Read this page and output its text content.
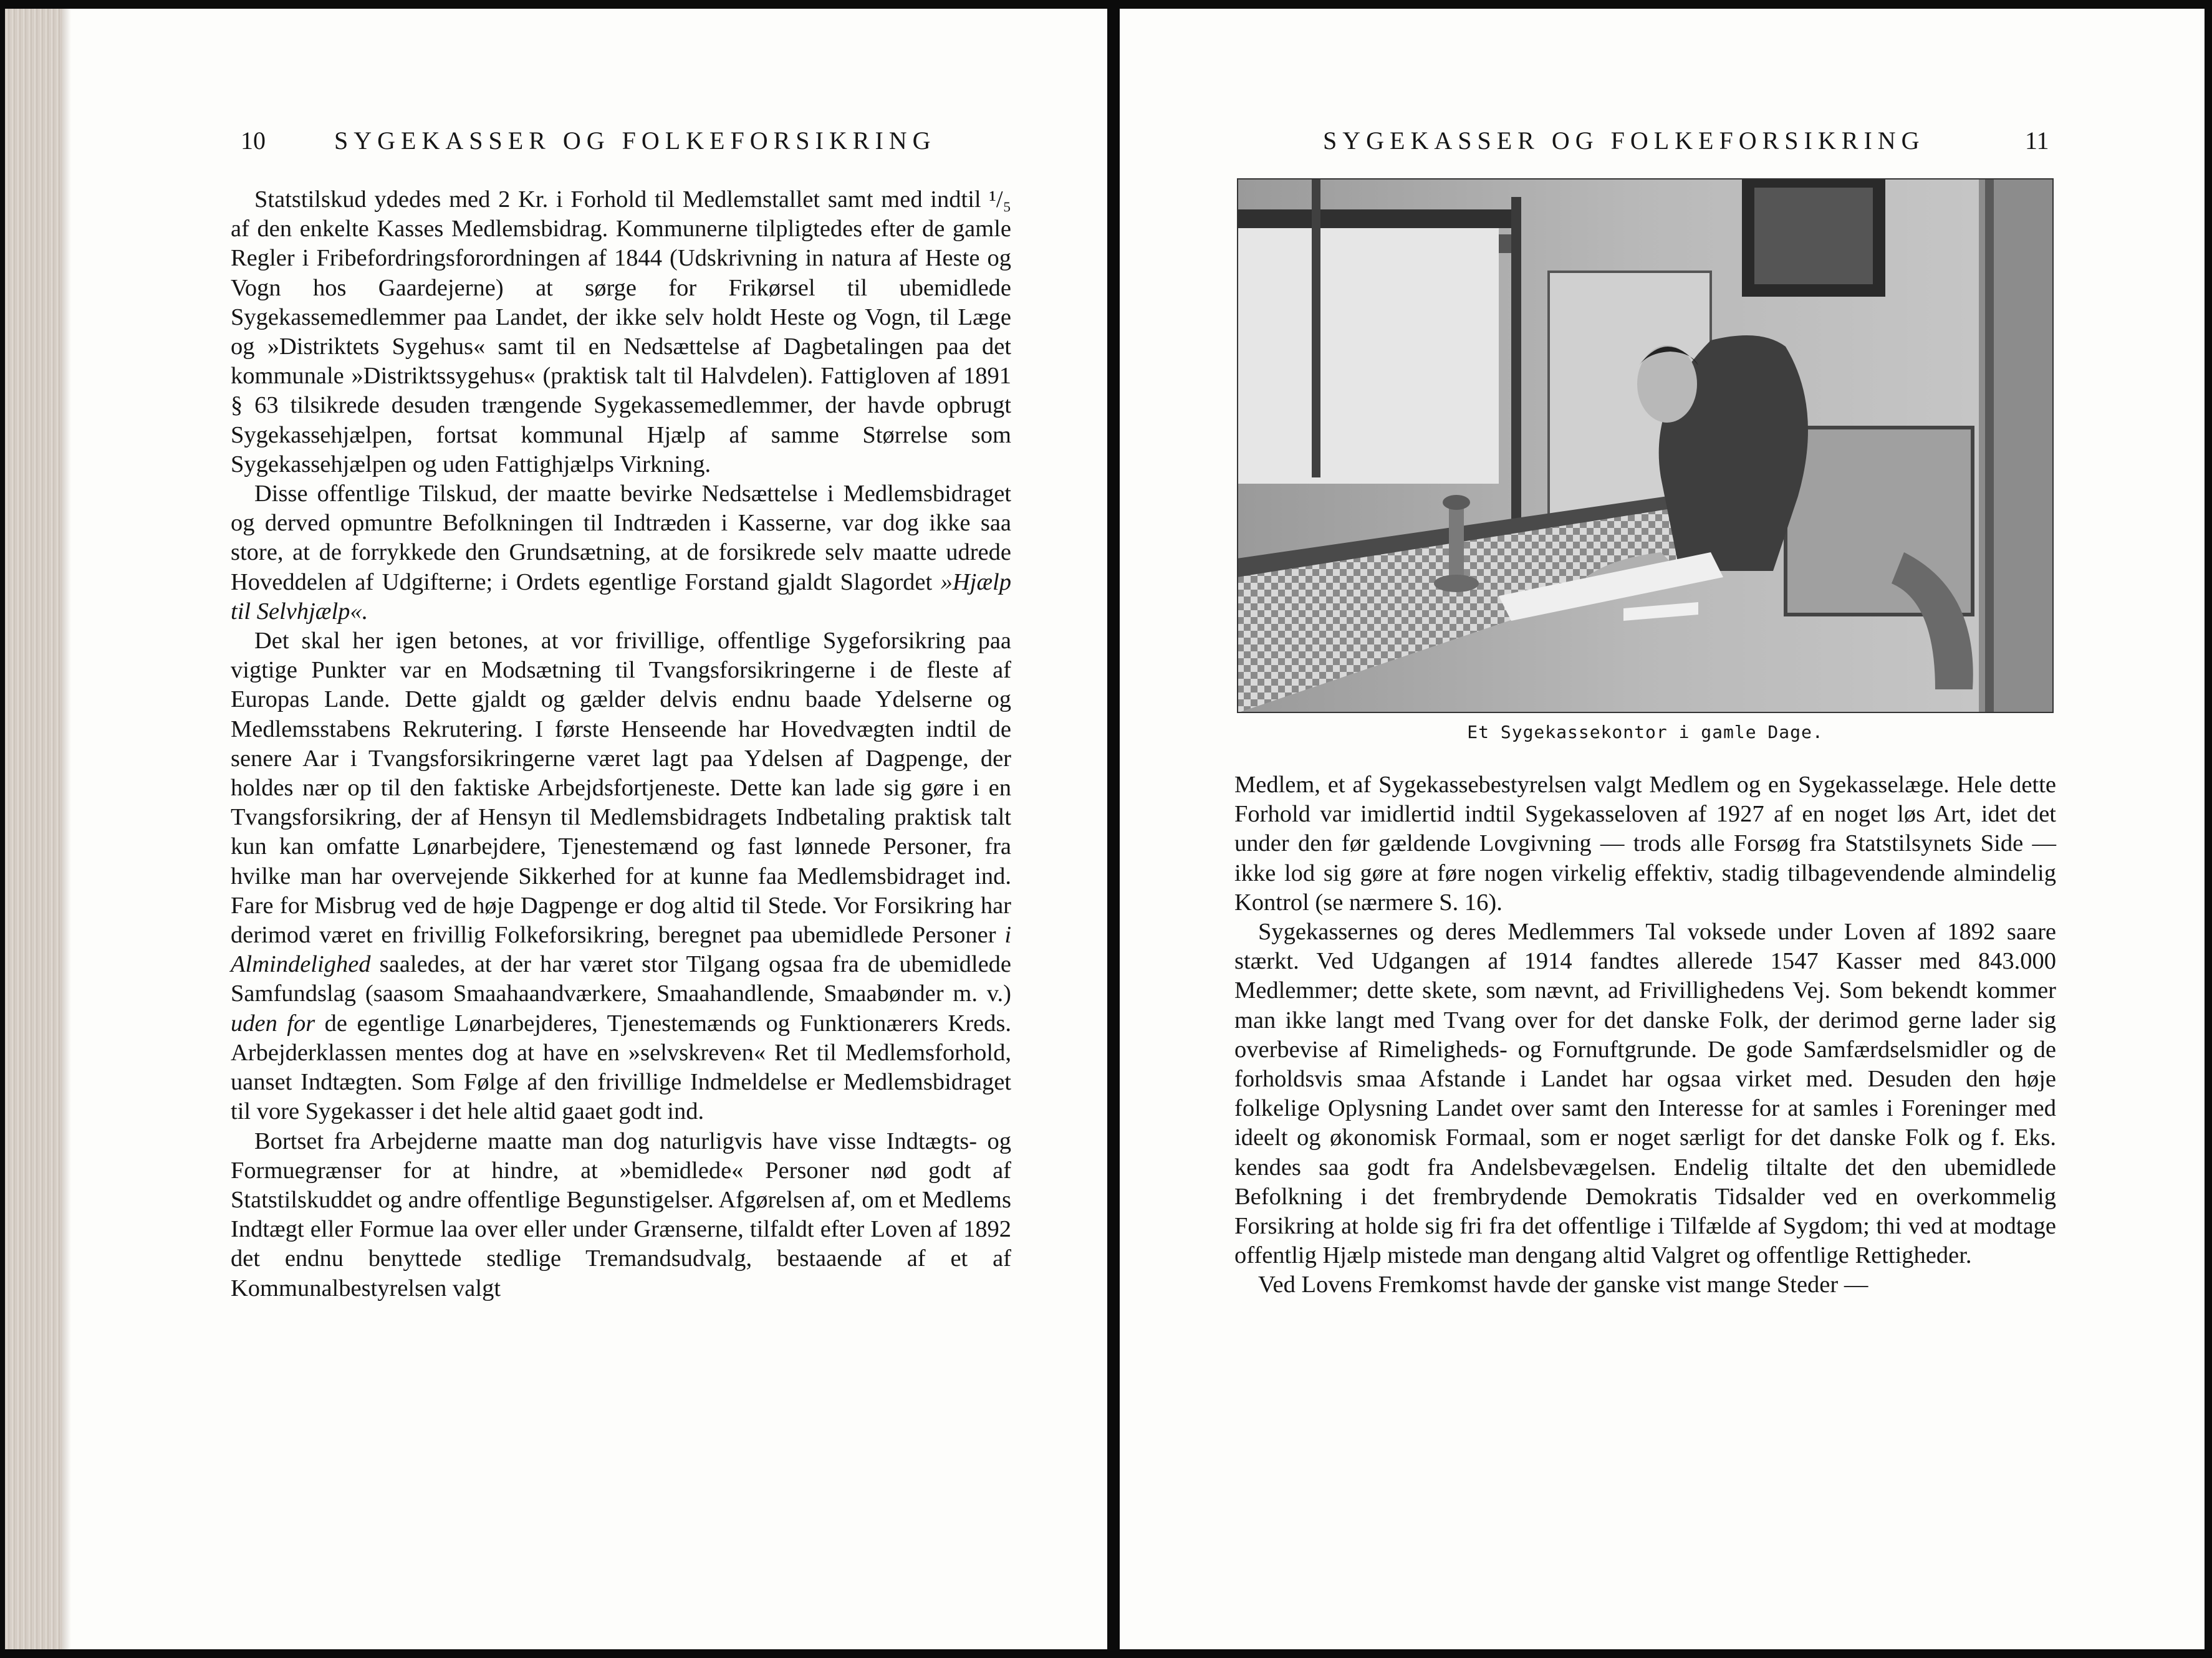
10	SYGEKASSER OG FOLKEFORSIKRING

Statstilskud ydedes med 2 Kr. i Forhold til Medlemstallet samt med indtil ¹/₅ af den enkelte Kasses Medlemsbidrag. Kommunerne tilpligtedes efter de gamle Regler i Fribefordringsforordningen af 1844 (Udskrivning in natura af Heste og Vogn hos Gaardejerne) at sørge for Frikørsel til ubemidlede Sygekassemedlemmer paa Landet, der ikke selv holdt Heste og Vogn, til Læge og »Distriktets Sygehus« samt til en Nedsættelse af Dagbetalingen paa det kommunale »Distriktssygehus« (praktisk talt til Halvdelen). Fattigloven af 1891 § 63 tilsikrede desuden trængende Sygekassemedlemmer, der havde opbrugt Sygekassehjælpen, fortsat kommunal Hjælp af samme Størrelse som Sygekassehjælpen og uden Fattighjælps Virkning.

Disse offentlige Tilskud, der maatte bevirke Nedsættelse i Medlemsbidraget og derved opmuntre Befolkningen til Indtræden i Kasserne, var dog ikke saa store, at de forrykkede den Grundsætning, at de forsikrede selv maatte udrede Hoveddelen af Udgifterne; i Ordets egentlige Forstand gjaldt Slagordet »Hjælp til Selvhjælp«.

Det skal her igen betones, at vor frivillige, offentlige Sygeforsikring paa vigtige Punkter var en Modsætning til Tvangsforsikringerne i de fleste af Europas Lande. Dette gjaldt og gælder delvis endnu baade Ydelserne og Medlemsstabens Rekrutering. I første Henseende har Hovedvægten indtil de senere Aar i Tvangsforsikringerne været lagt paa Ydelsen af Dagpenge, der holdes nær op til den faktiske Arbejdsfortjeneste. Dette kan lade sig gøre i en Tvangsforsikring, der af Hensyn til Medlemsbidragets Indbetaling praktisk talt kun kan omfatte Lønarbejdere, Tjenestemænd og fast lønnede Personer, fra hvilke man har overvejende Sikkerhed for at kunne faa Medlemsbidraget ind. Fare for Misbrug ved de høje Dagpenge er dog altid til Stede. Vor Forsikring har derimod været en frivillig Folkeforsikring, beregnet paa ubemidlede Personer i Almindelighed saaledes, at der har været stor Tilgang ogsaa fra de ubemidlede Samfundslag (saasom Smaahaandværkere, Smaahandlende, Smaabønder m. v.) uden for de egentlige Lønarbejderes, Tjenestemænds og Funktionærers Kreds. Arbejderklassen mentes dog at have en »selvskreven« Ret til Medlemsforhold, uanset Indtægten. Som Følge af den frivillige Indmeldelse er Medlemsbidraget til vore Sygekasser i det hele altid gaaet godt ind.

Bortset fra Arbejderne maatte man dog naturligvis have visse Indtægts- og Formuegrænser for at hindre, at »bemidlede« Personer nød godt af Statstilskuddet og andre offentlige Begunstigelser. Afgørelsen af, om et Medlems Indtægt eller Formue laa over eller under Grænserne, tilfaldt efter Loven af 1892 det endnu benyttede stedlige Tremandsudvalg, bestaaende af et af Kommunalbestyrelsen valgt

SYGEKASSER OG FOLKEFORSIKRING	11
Et Sygekassekontor i gamle Dage.

Medlem, et af Sygekassebestyrelsen valgt Medlem og en Sygekasselæge. Hele dette Forhold var imidlertid indtil Sygekasseloven af 1927 af en noget løs Art, idet det under den før gældende Lovgivning — trods alle Forsøg fra Statstilsynets Side — ikke lod sig gøre at føre nogen virkelig effektiv, stadig tilbagevendende almindelig Kontrol (se nærmere S. 16).

Sygekassernes og deres Medlemmers Tal voksede under Loven af 1892 saare stærkt. Ved Udgangen af 1914 fandtes allerede 1547 Kasser med 843.000 Medlemmer; dette skete, som nævnt, ad Frivillighedens Vej. Som bekendt kommer man ikke langt med Tvang over for det danske Folk, der derimod gerne lader sig overbevise af Rimeligheds- og Fornuftgrunde. De gode Samfærdselsmidler og de forholdsvis smaa Afstande i Landet har ogsaa virket med. Desuden den høje folkelige Oplysning Landet over samt den Interesse for at samles i Foreninger med ideelt og økonomisk Formaal, som er noget særligt for det danske Folk og f. Eks. kendes saa godt fra Andelsbevægelsen. Endelig tiltalte det den ubemidlede Befolkning i det frembrydende Demokratis Tidsalder ved en overkommelig Forsikring at holde sig fri fra det offentlige i Tilfælde af Sygdom; thi ved at modtage offentlig Hjælp mistede man dengang altid Valgret og offentlige Rettigheder.

Ved Lovens Fremkomst havde der ganske vist mange Steder —
